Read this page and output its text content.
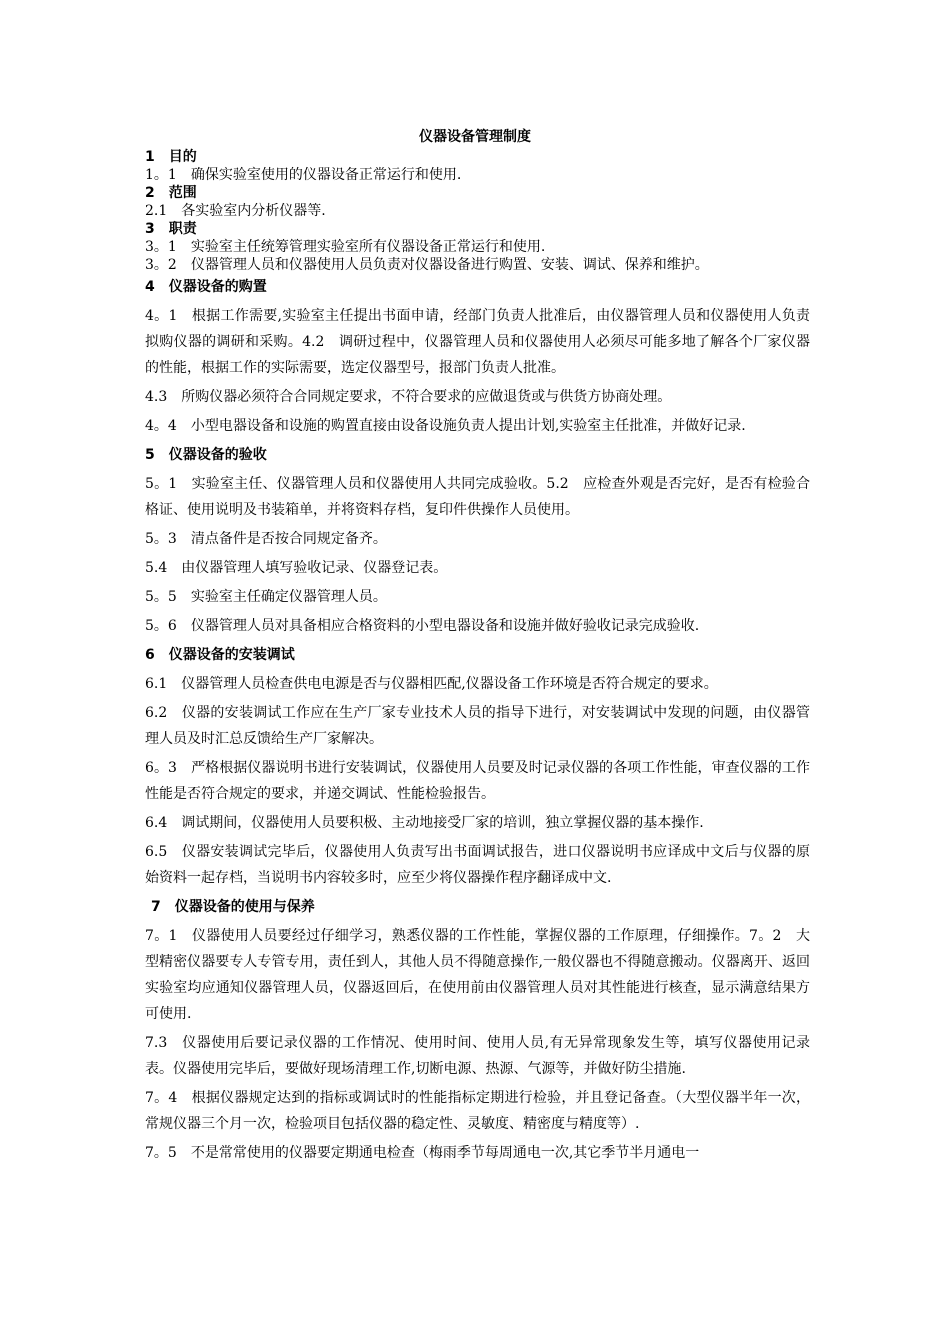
仪器设备管理制度
1　目的
1。1　确保实验室使用的仪器设备正常运行和使用.
2　范围
2.1　各实验室内分析仪器等.
3　职责
3。1　实验室主任统筹管理实验室所有仪器设备正常运行和使用.
3。2　仪器管理人员和仪器使用人员负责对仪器设备进行购置、安装、调试、保养和维护。
4　仪器设备的购置
4。1　根据工作需要,实验室主任提出书面申请，经部门负责人批准后，由仪器管理人员和仪器使用人负责拟购仪器的调研和采购。4.2　调研过程中，仪器管理人员和仪器使用人必须尽可能多地了解各个厂家仪器的性能，根据工作的实际需要，选定仪器型号，报部门负责人批准。
4.3　所购仪器必须符合合同规定要求，不符合要求的应做退货或与供货方协商处理。
4。4　小型电器设备和设施的购置直接由设备设施负责人提出计划,实验室主任批准，并做好记录.
5　仪器设备的验收
5。1　实验室主任、仪器管理人员和仪器使用人共同完成验收。5.2　应检查外观是否完好，是否有检验合格证、使用说明及书装箱单，并将资料存档，复印件供操作人员使用。
5。3　清点备件是否按合同规定备齐。
5.4　由仪器管理人填写验收记录、仪器登记表。
5。5　实验室主任确定仪器管理人员。
5。6　仪器管理人员对具备相应合格资料的小型电器设备和设施并做好验收记录完成验收.
6　仪器设备的安装调试
6.1　仪器管理人员检查供电电源是否与仪器相匹配,仪器设备工作环境是否符合规定的要求。
6.2　仪器的安装调试工作应在生产厂家专业技术人员的指导下进行，对安装调试中发现的问题，由仪器管理人员及时汇总反馈给生产厂家解决。
6。3　严格根据仪器说明书进行安装调试，仪器使用人员要及时记录仪器的各项工作性能，审查仪器的工作性能是否符合规定的要求，并递交调试、性能检验报告。
6.4　调试期间，仪器使用人员要积极、主动地接受厂家的培训，独立掌握仪器的基本操作.
6.5　仪器安装调试完毕后，仪器使用人负责写出书面调试报告，进口仪器说明书应译成中文后与仪器的原始资料一起存档，当说明书内容较多时，应至少将仪器操作程序翻译成中文.
7　仪器设备的使用与保养
7。1　仪器使用人员要经过仔细学习，熟悉仪器的工作性能，掌握仪器的工作原理，仔细操作。7。2　大型精密仪器要专人专管专用，责任到人，其他人员不得随意操作,一般仪器也不得随意搬动。仪器离开、返回实验室均应通知仪器管理人员，仪器返回后，在使用前由仪器管理人员对其性能进行核查，显示满意结果方可使用.
7.3　仪器使用后要记录仪器的工作情况、使用时间、使用人员,有无异常现象发生等，填写仪器使用记录表。仪器使用完毕后，要做好现场清理工作,切断电源、热源、气源等，并做好防尘措施.
7。4　根据仪器规定达到的指标或调试时的性能指标定期进行检验，并且登记备查。（大型仪器半年一次，常规仪器三个月一次，检验项目包括仪器的稳定性、灵敏度、精密度与精度等）.
7。5　不是常常使用的仪器要定期通电检查（梅雨季节每周通电一次,其它季节半月通电一
